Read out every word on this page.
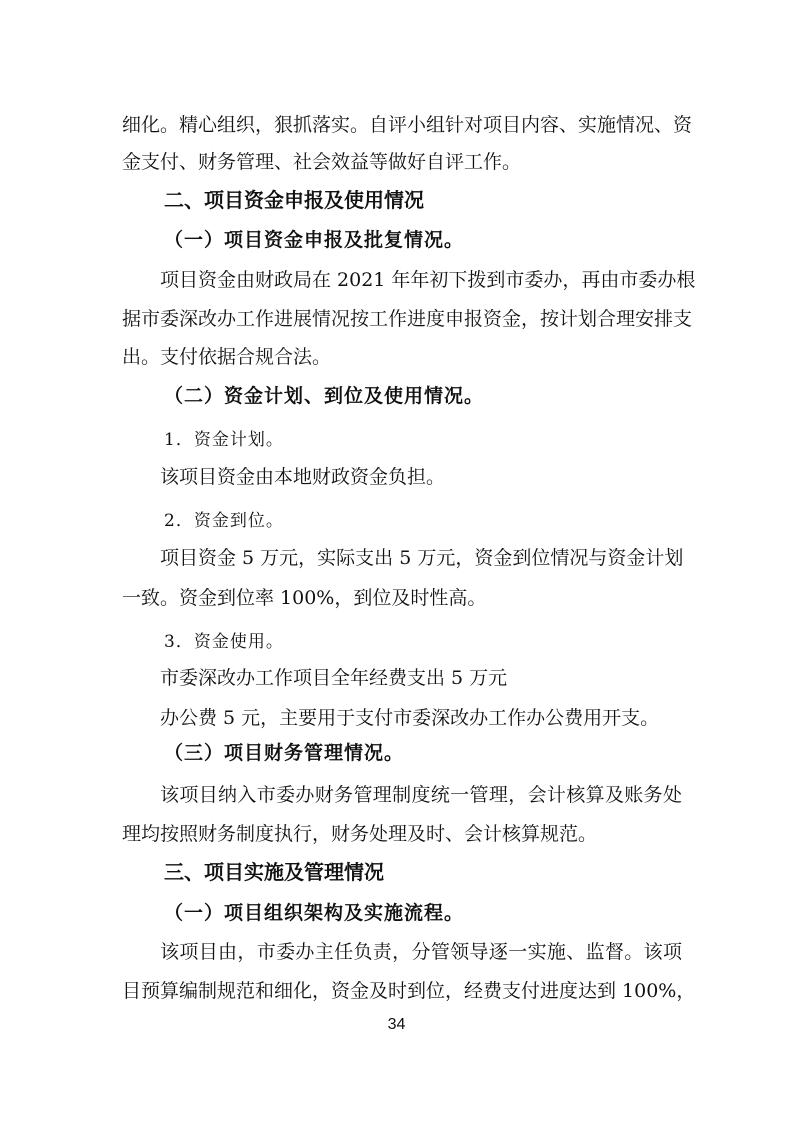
细化。精心组织，狠抓落实。自评小组针对项目内容、实施情况、资
金支付、财务管理、社会效益等做好自评工作。
二、项目资金申报及使用情况
（一）项目资金申报及批复情况。
项目资金由财政局在 2021 年年初下拨到市委办，再由市委办根
据市委深改办工作进展情况按工作进度申报资金，按计划合理安排支
出。支付依据合规合法。
（二）资金计划、到位及使用情况。
1．资金计划。
该项目资金由本地财政资金负担。
2．资金到位。
项目资金 5 万元，实际支出 5 万元，资金到位情况与资金计划
一致。资金到位率 100%，到位及时性高。
3．资金使用。
市委深改办工作项目全年经费支出 5 万元
办公费 5 元，主要用于支付市委深改办工作办公费用开支。
（三）项目财务管理情况。
该项目纳入市委办财务管理制度统一管理，会计核算及账务处
理均按照财务制度执行，财务处理及时、会计核算规范。
三、项目实施及管理情况
（一）项目组织架构及实施流程。
该项目由，市委办主任负责，分管领导逐一实施、监督。该项
目预算编制规范和细化，资金及时到位，经费支付进度达到 100%，
34
